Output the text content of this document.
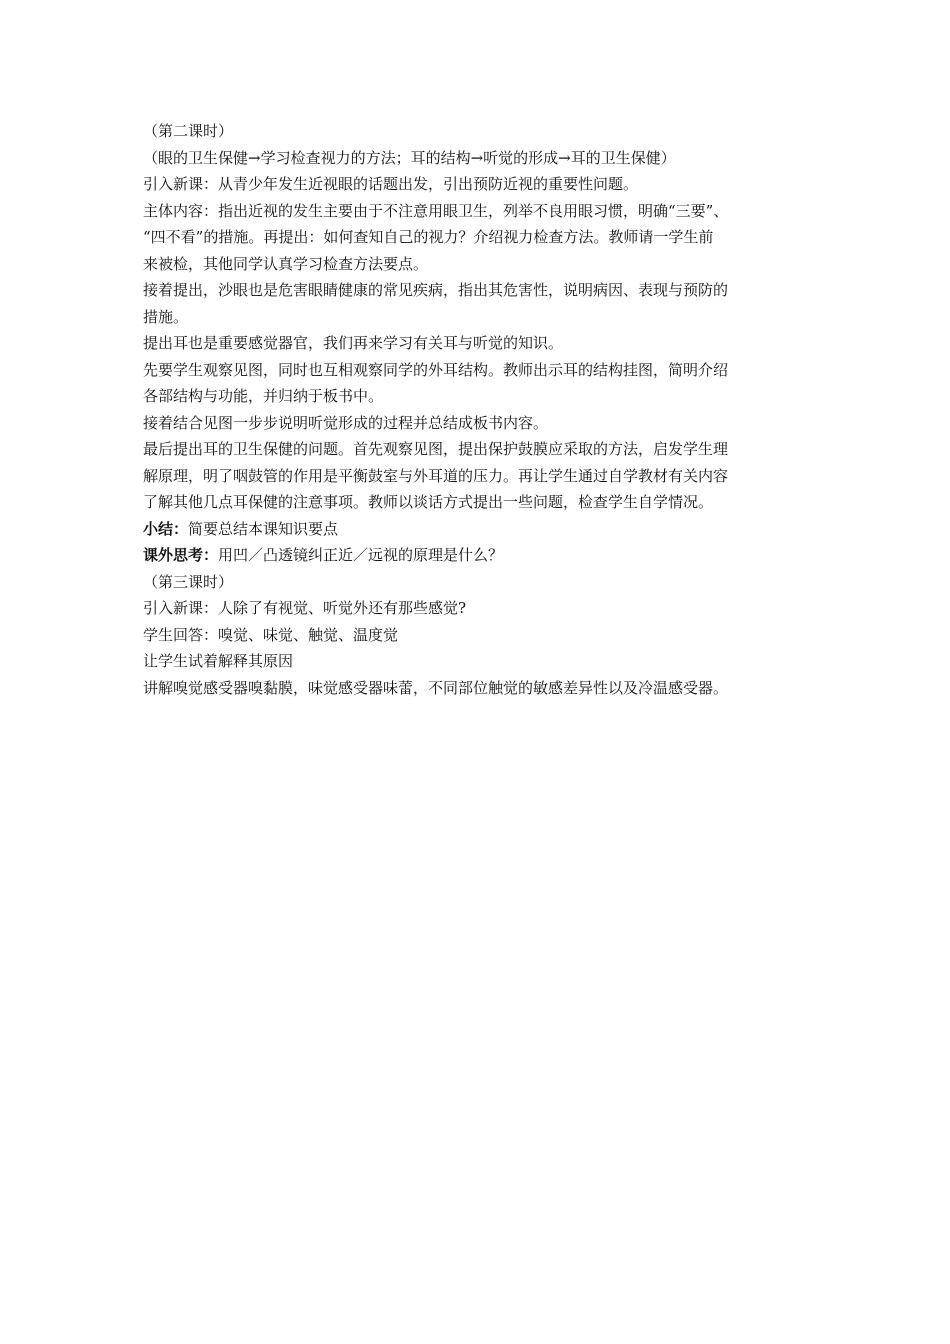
（第二课时）
（眼的卫生保健→学习检查视力的方法；耳的结构→听觉的形成→耳的卫生保健）
引入新课：从青少年发生近视眼的话题出发，引出预防近视的重要性问题。
主体内容：指出近视的发生主要由于不注意用眼卫生，列举不良用眼习惯，明确“三要”、
“四不看”的措施。再提出：如何查知自己的视力？介绍视力检查方法。教师请一学生前
来被检，其他同学认真学习检查方法要点。
接着提出，沙眼也是危害眼睛健康的常见疾病，指出其危害性，说明病因、表现与预防的
措施。
提出耳也是重要感觉器官，我们再来学习有关耳与听觉的知识。
先要学生观察见图，同时也互相观察同学的外耳结构。教师出示耳的结构挂图，简明介绍
各部结构与功能，并归纳于板书中。
接着结合见图一步步说明听觉形成的过程并总结成板书内容。
最后提出耳的卫生保健的问题。首先观察见图，提出保护鼓膜应采取的方法，启发学生理
解原理，明了咽鼓管的作用是平衡鼓室与外耳道的压力。再让学生通过自学教材有关内容
了解其他几点耳保健的注意事项。教师以谈话方式提出一些问题，检查学生自学情况。
小结：简要总结本课知识要点
课外思考：用凹／凸透镜纠正近／远视的原理是什么？
（第三课时）
引入新课：人除了有视觉、听觉外还有那些感觉?
学生回答：嗅觉、味觉、触觉、温度觉
让学生试着解释其原因
讲解嗅觉感受器嗅黏膜，味觉感受器味蕾，不同部位触觉的敏感差异性以及冷温感受器。
